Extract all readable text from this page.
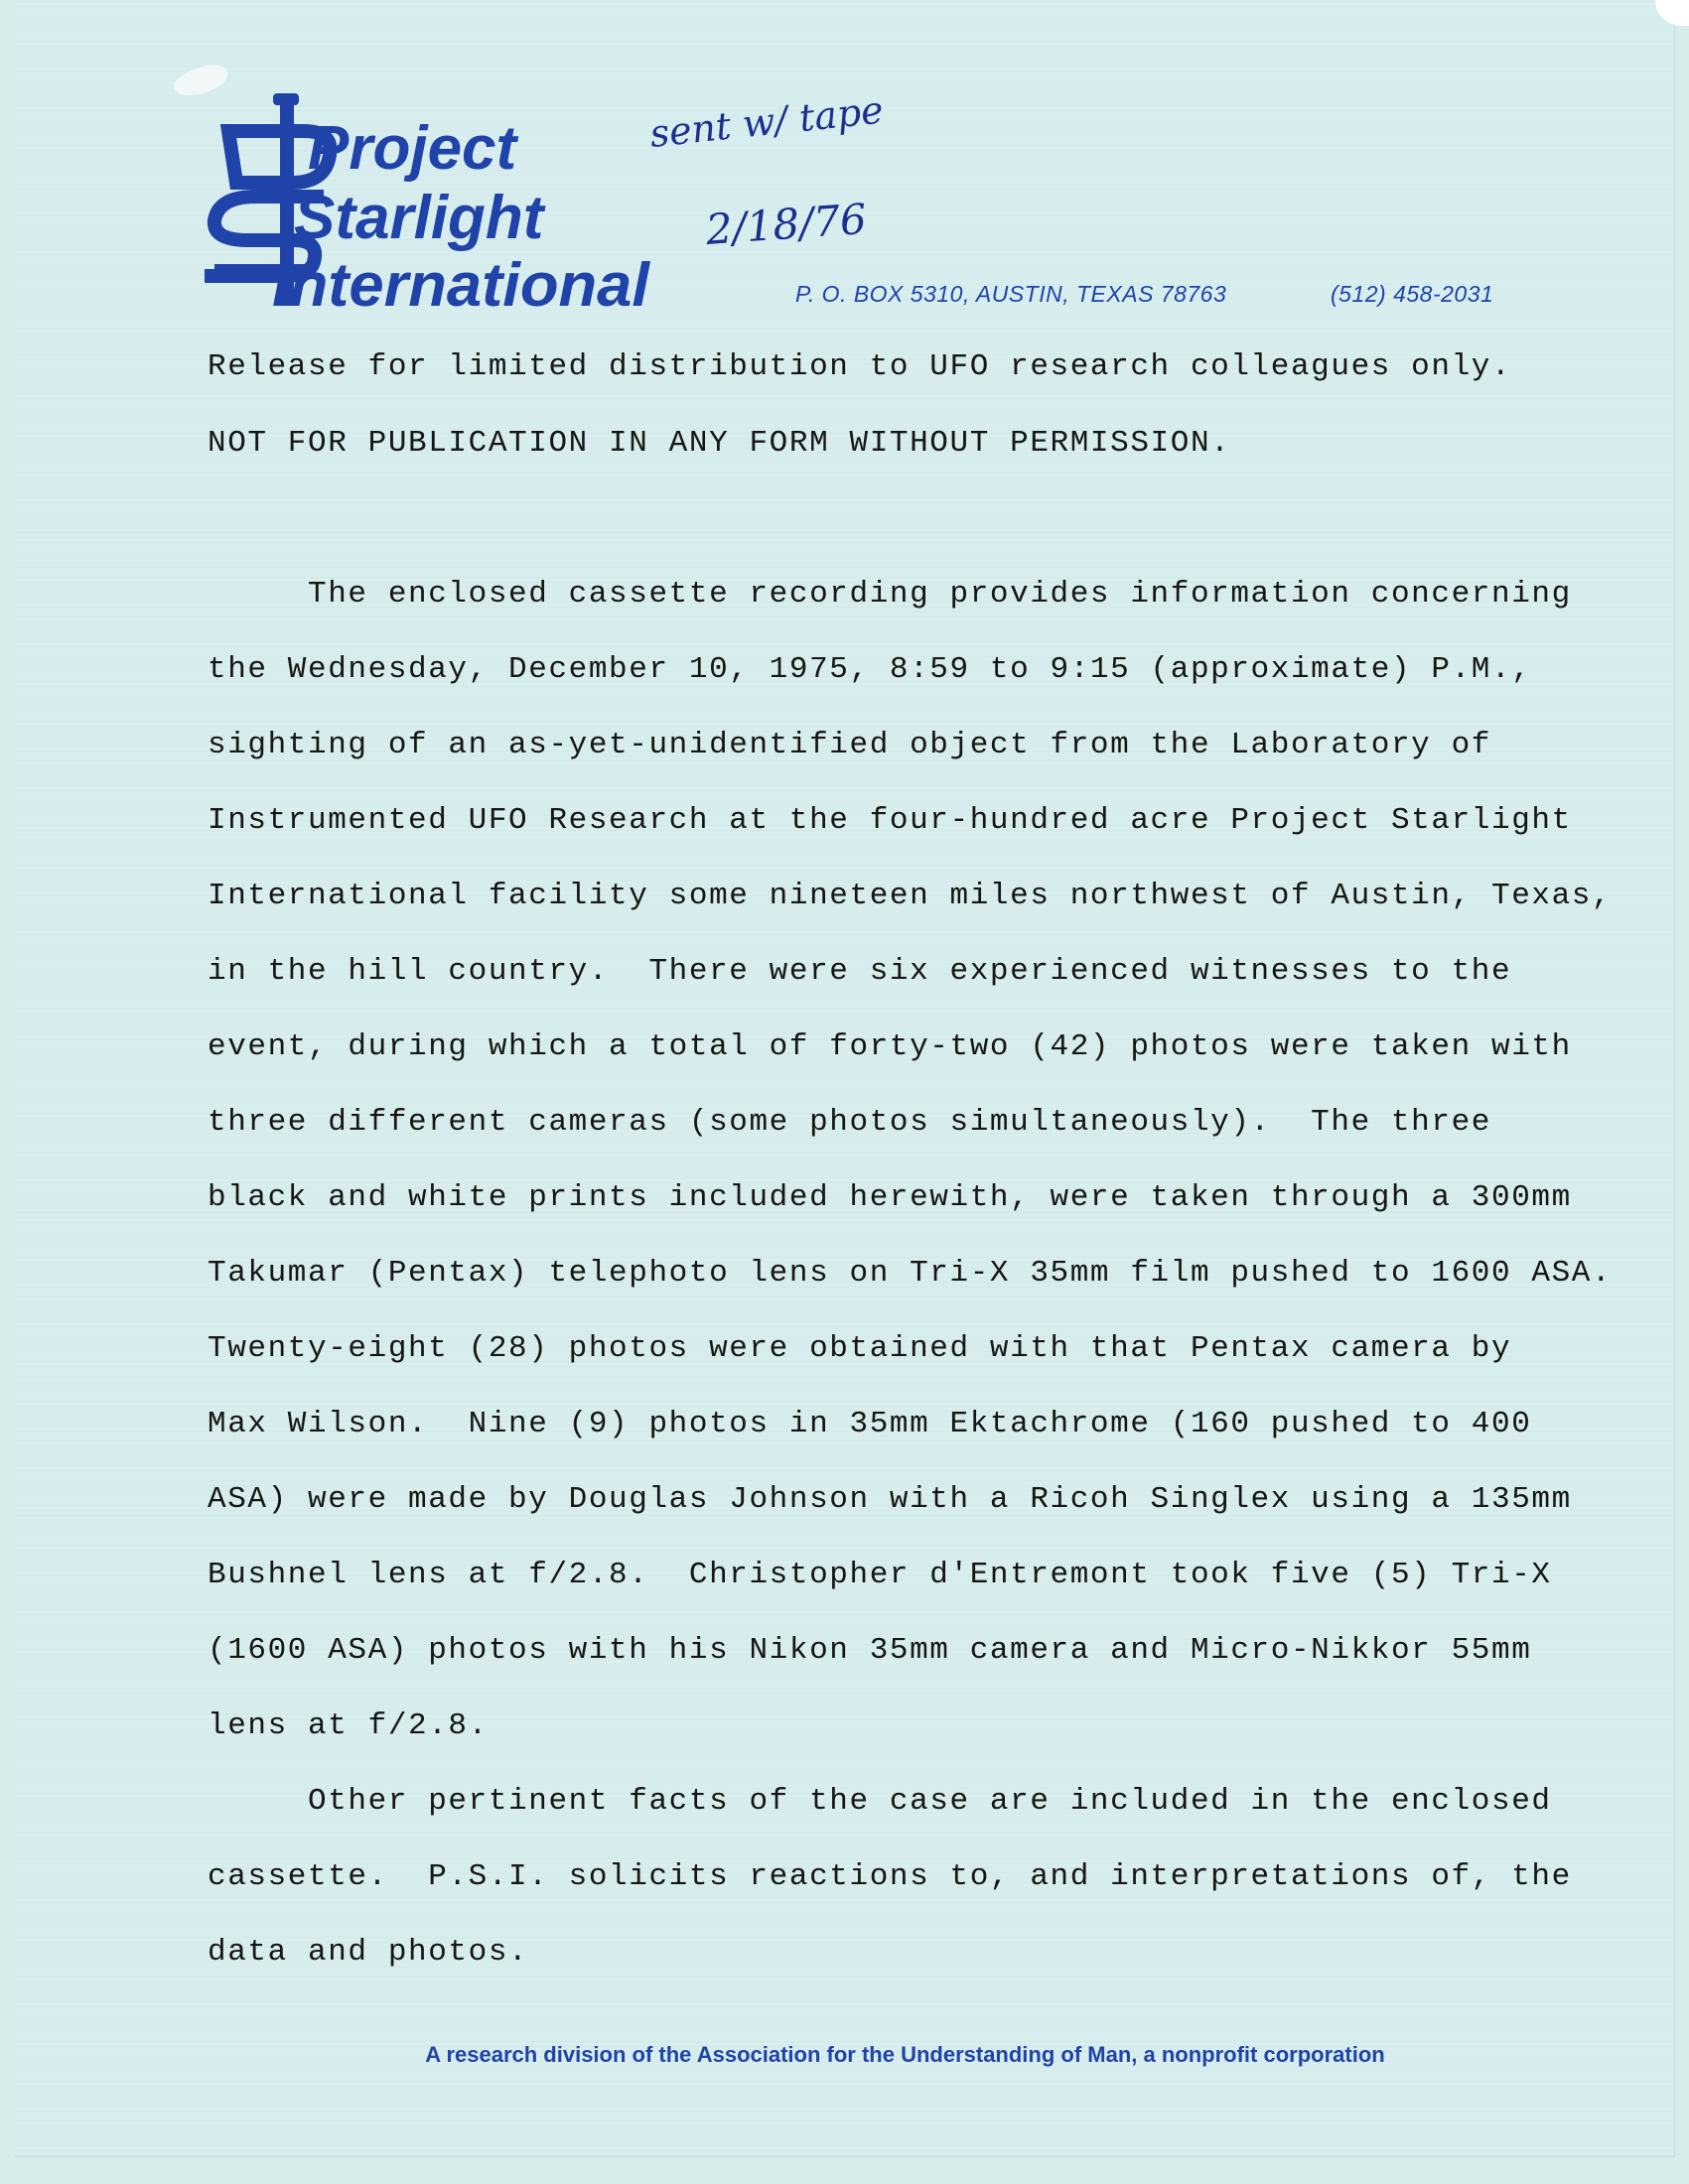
Project
Starlight
International	P. O. BOX 5310, AUSTIN, TEXAS 78763	(512) 458-2031
sent w/ tape
2/18/76
Release for limited distribution to UFO research colleagues only.
NOT FOR PUBLICATION IN ANY FORM WITHOUT PERMISSION.
The enclosed cassette recording provides information concerning
the Wednesday, December 10, 1975, 8:59 to 9:15 (approximate) P.M.,
sighting of an as-yet-unidentified object from the Laboratory of
Instrumented UFO Research at the four-hundred acre Project Starlight
International facility some nineteen miles northwest of Austin, Texas,
in the hill country.  There were six experienced witnesses to the
event, during which a total of forty-two (42) photos were taken with
three different cameras (some photos simultaneously).  The three
black and white prints included herewith, were taken through a 300mm
Takumar (Pentax) telephoto lens on Tri-X 35mm film pushed to 1600 ASA.
Twenty-eight (28) photos were obtained with that Pentax camera by
Max Wilson.  Nine (9) photos in 35mm Ektachrome (160 pushed to 400
ASA) were made by Douglas Johnson with a Ricoh Singlex using a 135mm
Bushnel lens at f/2.8.  Christopher d'Entremont took five (5) Tri-X
(1600 ASA) photos with his Nikon 35mm camera and Micro-Nikkor 55mm
lens at f/2.8.
Other pertinent facts of the case are included in the enclosed
cassette.  P.S.I. solicits reactions to, and interpretations of, the
data and photos.
A research division of the Association for the Understanding of Man, a nonprofit corporation
